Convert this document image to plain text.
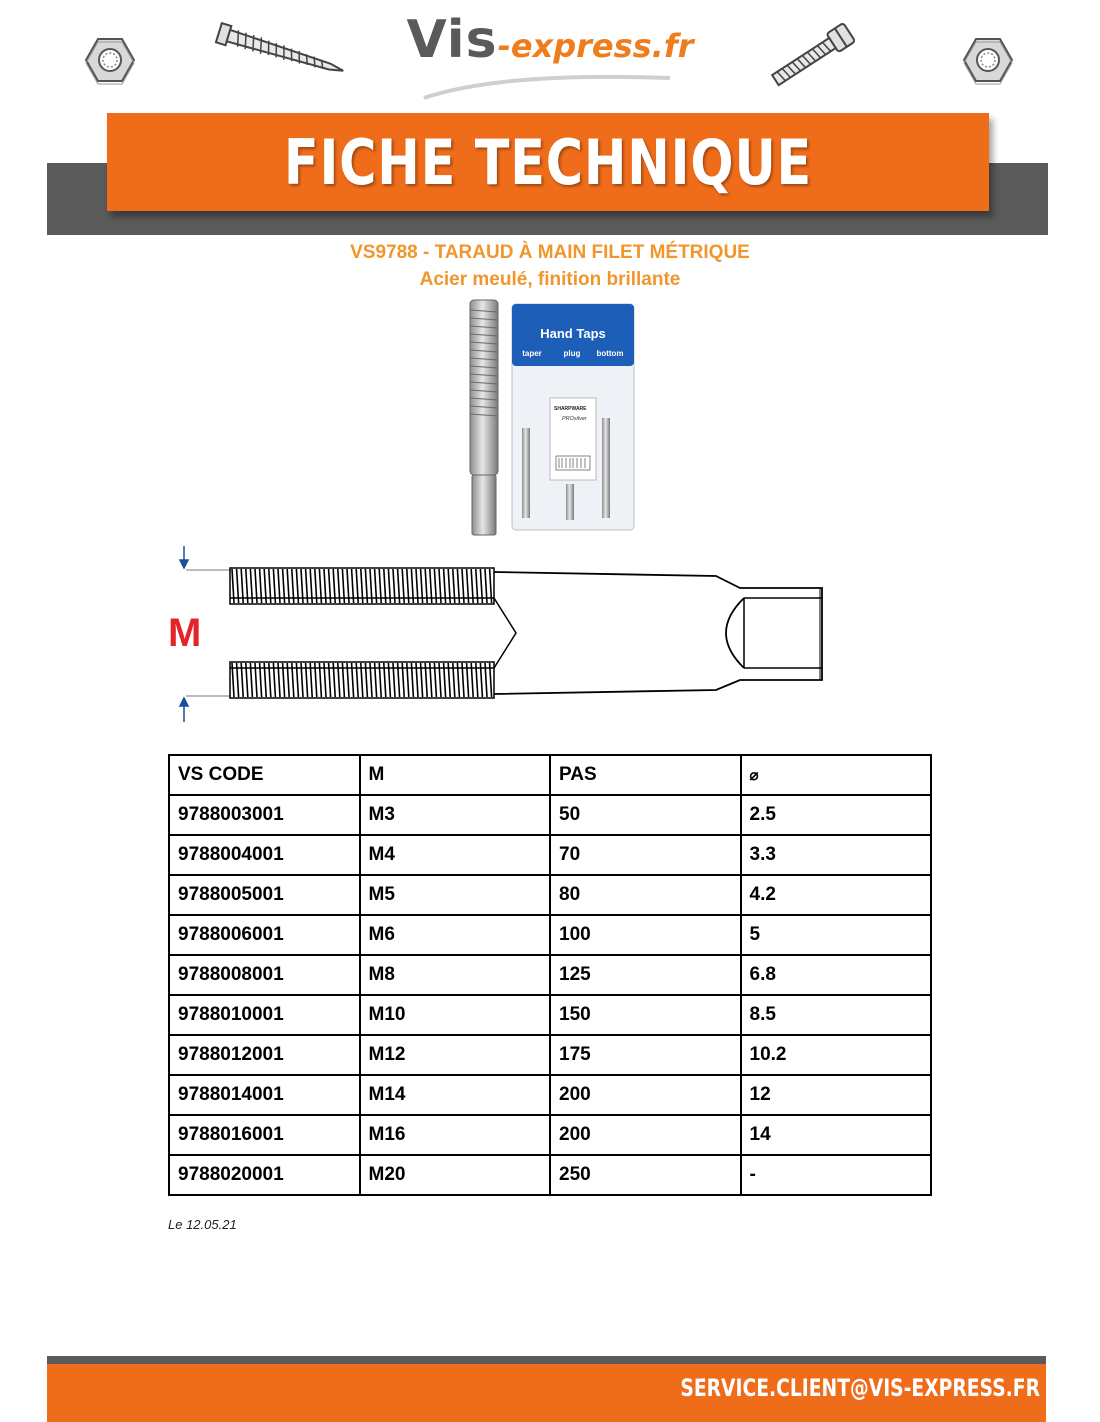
Vis-express.fr
FICHE TECHNIQUE
VS9788 - TARAUD À MAIN FILET MÉTRIQUE
Acier meulé, finition brillante
Hand Taps
taper	plug bottom
SHARPWARE
PROsilver
M
VS CODE	M	PAS	⌀
9788003001	M3	50	2.5
9788004001	M4	70	3.3
9788005001	M5	80	4.2
9788006001	M6	100	5
9788008001	M8	125	6.8
9788010001	M10	150	8.5
9788012001	M12	175	10.2
9788014001	M14	200	12
9788016001	M16	200	14
9788020001	M20	250	-
Le 12.05.21
SERVICE.CLIENT@VIS-EXPRESS.FR
